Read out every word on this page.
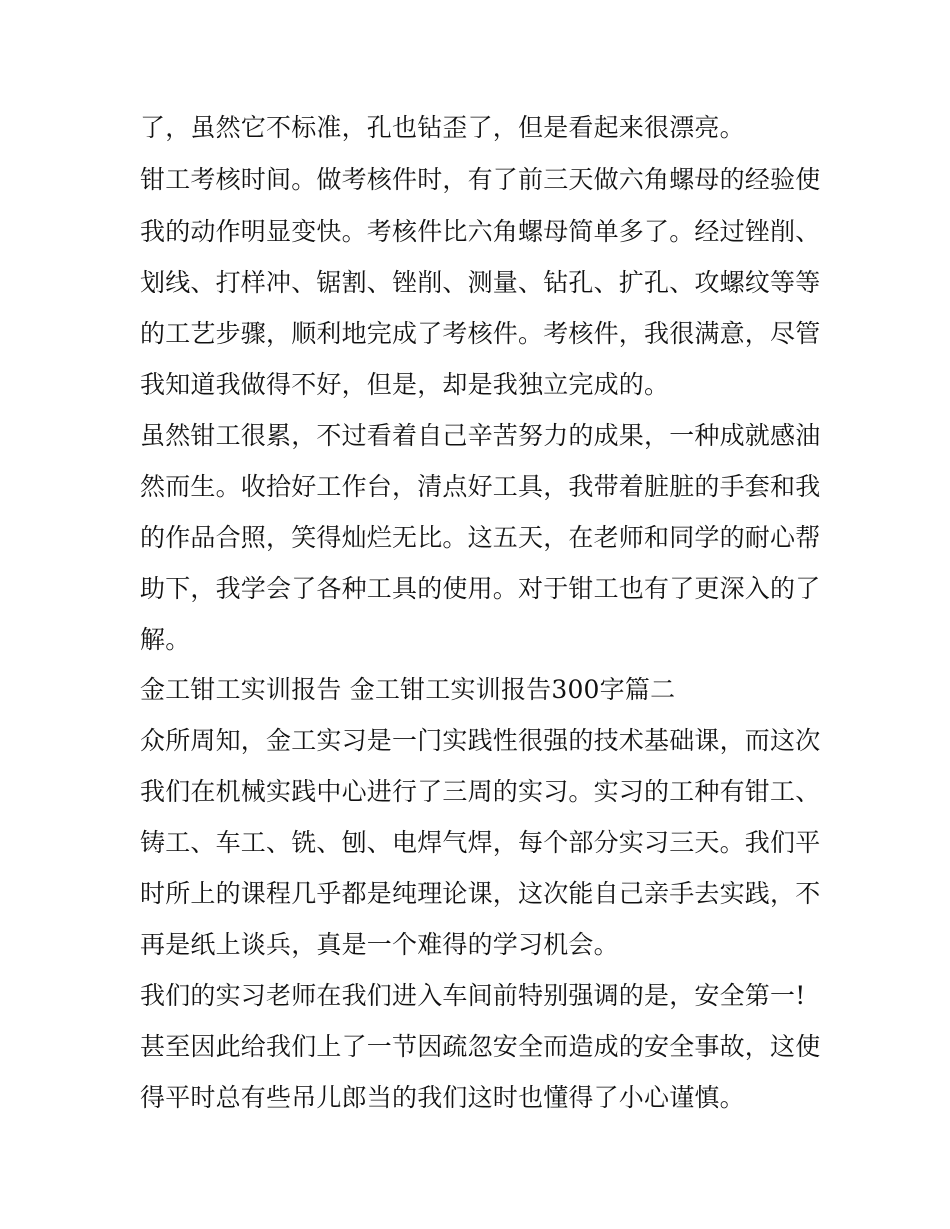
了，虽然它不标准，孔也钻歪了，但是看起来很漂亮。

钳工考核时间。做考核件时，有了前三天做六角螺母的经验使

我的动作明显变快。考核件比六角螺母简单多了。经过锉削、

划线、打样冲、锯割、锉削、测量、钻孔、扩孔、攻螺纹等等

的工艺步骤，顺利地完成了考核件。考核件，我很满意，尽管

我知道我做得不好，但是，却是我独立完成的。

虽然钳工很累，不过看着自己辛苦努力的成果，一种成就感油

然而生。收拾好工作台，清点好工具，我带着脏脏的手套和我

的作品合照，笑得灿烂无比。这五天，在老师和同学的耐心帮

助下，我学会了各种工具的使用。对于钳工也有了更深入的了

解。

金工钳工实训报告 金工钳工实训报告300字篇二

众所周知，金工实习是一门实践性很强的技术基础课，而这次

我们在机械实践中心进行了三周的实习。实习的工种有钳工、

铸工、车工、铣、刨、电焊气焊，每个部分实习三天。我们平

时所上的课程几乎都是纯理论课，这次能自己亲手去实践，不

再是纸上谈兵，真是一个难得的学习机会。

我们的实习老师在我们进入车间前特别强调的是，安全第一!

甚至因此给我们上了一节因疏忽安全而造成的安全事故，这使

得平时总有些吊儿郎当的我们这时也懂得了小心谨慎。
